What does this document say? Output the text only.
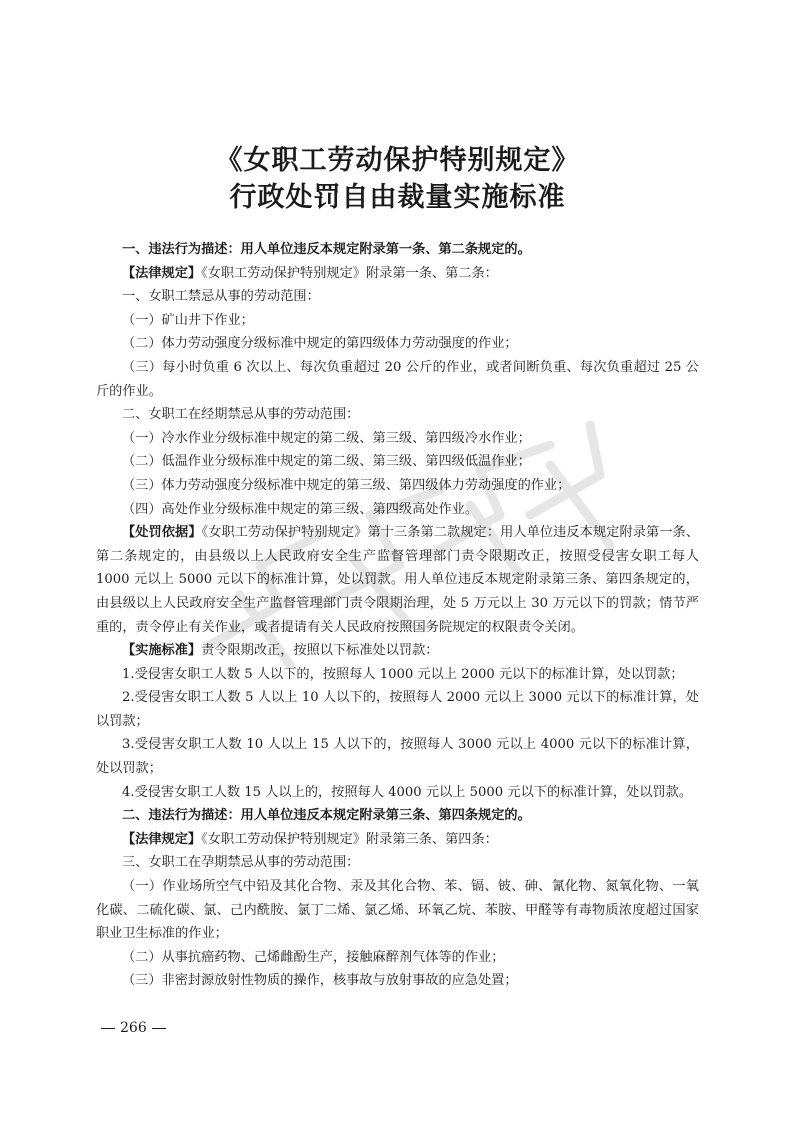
《女职工劳动保护特别规定》
行政处罚自由裁量实施标准

一、违法行为描述：用人单位违反本规定附录第一条、第二条规定的。

【法律规定】《女职工劳动保护特别规定》附录第一条、第二条：

一、女职工禁忌从事的劳动范围：

（一）矿山井下作业；

（二）体力劳动强度分级标准中规定的第四级体力劳动强度的作业；

（三）每小时负重 6 次以上、每次负重超过 20 公斤的作业，或者间断负重、每次负重超过 25 公斤的作业。

二、女职工在经期禁忌从事的劳动范围：

（一）冷水作业分级标准中规定的第二级、第三级、第四级冷水作业；

（二）低温作业分级标准中规定的第二级、第三级、第四级低温作业；

（三）体力劳动强度分级标准中规定的第三级、第四级体力劳动强度的作业；

（四）高处作业分级标准中规定的第三级、第四级高处作业。

【处罚依据】《女职工劳动保护特别规定》第十三条第二款规定：用人单位违反本规定附录第一条、第二条规定的，由县级以上人民政府安全生产监督管理部门责令限期改正，按照受侵害女职工每人 1000 元以上 5000 元以下的标准计算，处以罚款。用人单位违反本规定附录第三条、第四条规定的，由县级以上人民政府安全生产监督管理部门责令限期治理，处 5 万元以上 30 万元以下的罚款；情节严重的，责令停止有关作业，或者提请有关人民政府按照国务院规定的权限责令关闭。

【实施标准】责令限期改正，按照以下标准处以罚款：

1.受侵害女职工人数 5 人以下的，按照每人 1000 元以上 2000 元以下的标准计算，处以罚款；

2.受侵害女职工人数 5 人以上 10 人以下的，按照每人 2000 元以上 3000 元以下的标准计算，处以罚款；

3.受侵害女职工人数 10 人以上 15 人以下的，按照每人 3000 元以上 4000 元以下的标准计算，处以罚款；

4.受侵害女职工人数 15 人以上的，按照每人 4000 元以上 5000 元以下的标准计算，处以罚款。

二、违法行为描述：用人单位违反本规定附录第三条、第四条规定的。

【法律规定】《女职工劳动保护特别规定》附录第三条、第四条：

三、女职工在孕期禁忌从事的劳动范围：

（一）作业场所空气中铅及其化合物、汞及其化合物、苯、镉、铍、砷、氰化物、氮氧化物、一氧化碳、二硫化碳、氯、己内酰胺、氯丁二烯、氯乙烯、环氧乙烷、苯胺、甲醛等有毒物质浓度超过国家职业卫生标准的作业；

（二）从事抗癌药物、己烯雌酚生产，接触麻醉剂气体等的作业；

（三）非密封源放射性物质的操作，核事故与放射事故的应急处置；

266
